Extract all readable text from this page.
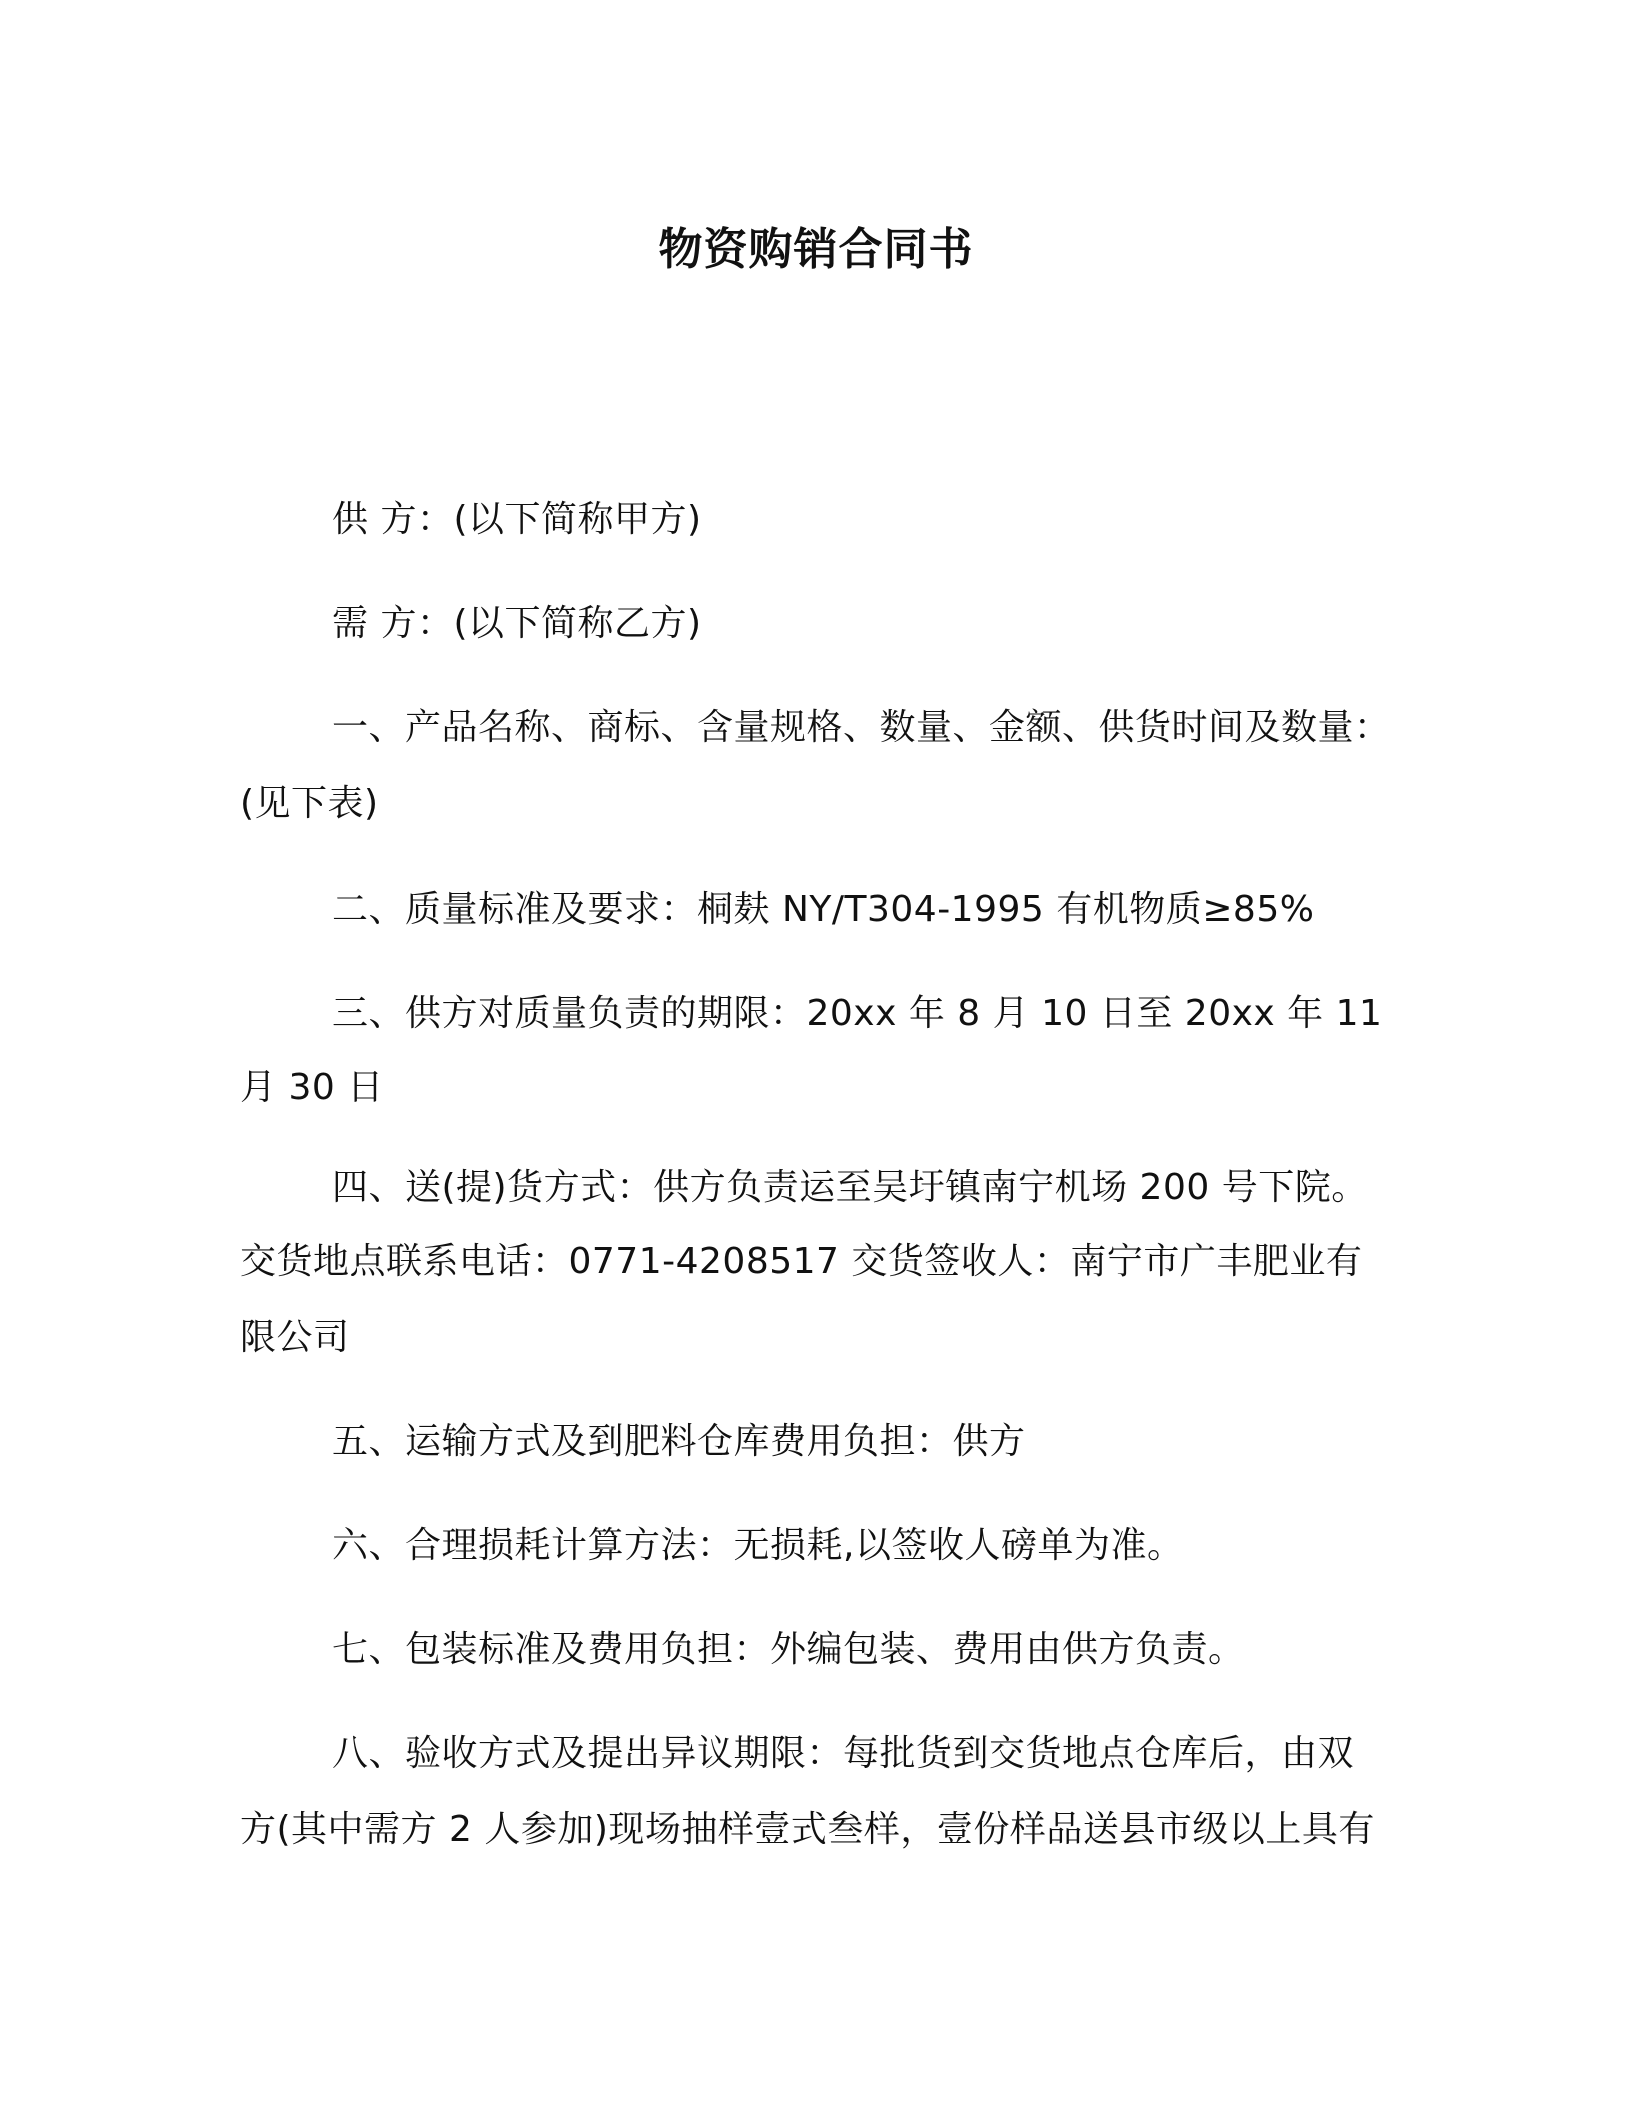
物资购销合同书
供 方：(以下简称甲方)
需 方：(以下简称乙方)
一、产品名称、商标、含量规格、数量、金额、供货时间及数量：
(见下表)
二、质量标准及要求：桐麸 NY/T304-1995 有机物质≥85%
三、供方对质量负责的期限：20xx 年 8 月 10 日至 20xx 年 11
月 30 日
四、送(提)货方式：供方负责运至吴圩镇南宁机场 200 号下院。
交货地点联系电话：0771-4208517 交货签收人：南宁市广丰肥业有
限公司
五、运输方式及到肥料仓库费用负担：供方
六、合理损耗计算方法：无损耗,以签收人磅单为准。
七、包装标准及费用负担：外编包装、费用由供方负责。
八、验收方式及提出异议期限：每批货到交货地点仓库后，由双
方(其中需方 2 人参加)现场抽样壹式叁样，壹份样品送县市级以上具有
